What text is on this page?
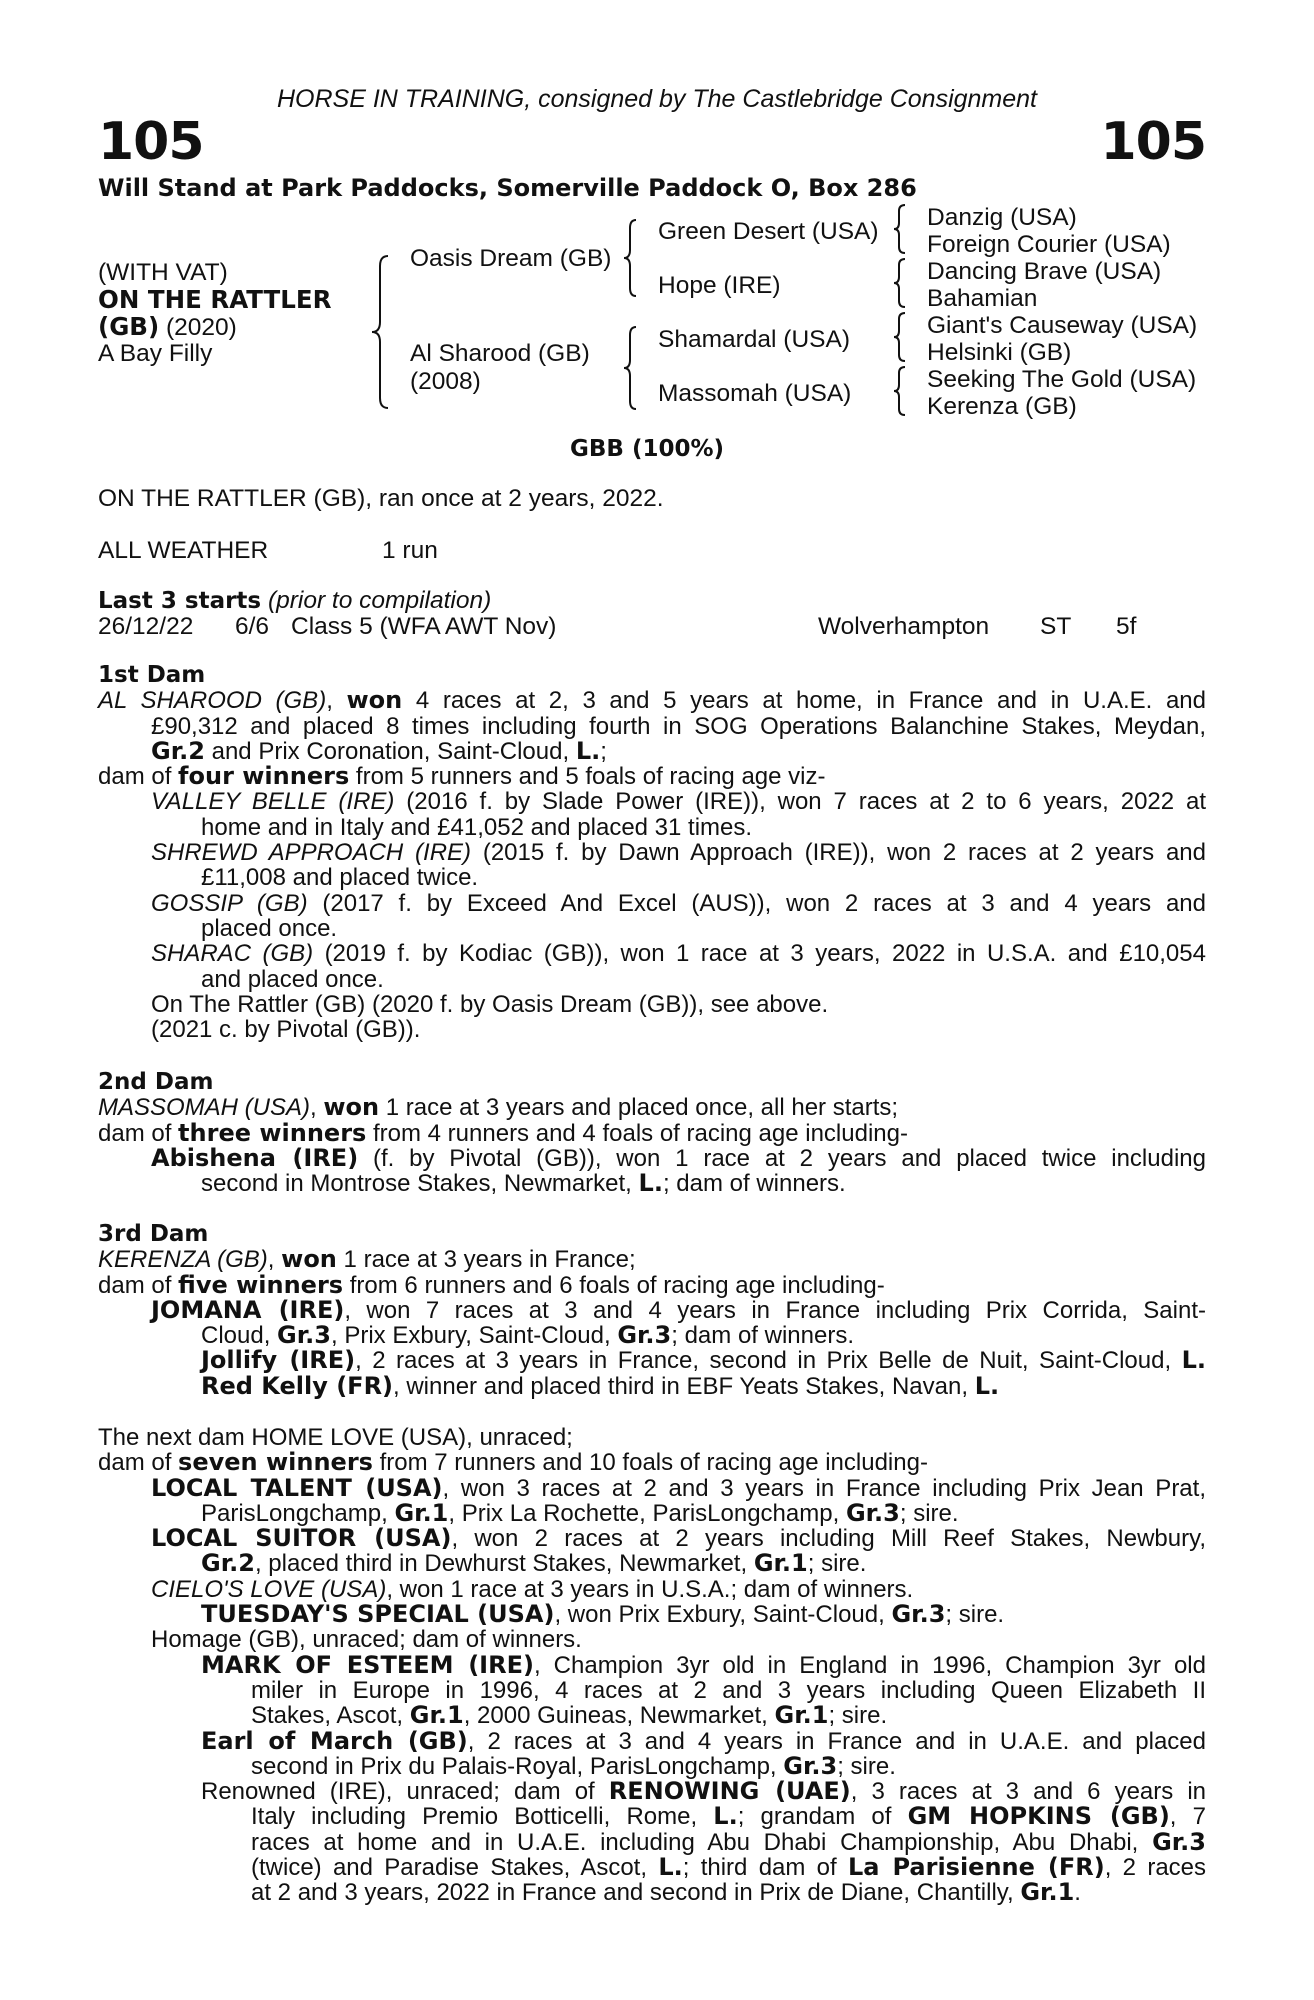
HORSE IN TRAINING, consigned by The Castlebridge Consignment
105	105
Will Stand at Park Paddocks, Somerville Paddock O, Box 286
(WITH VAT)
ON THE RATTLER
(GB) (2020)
A Bay Filly
Oasis Dream (GB)
Al Sharood (GB)
(2008)
Green Desert (USA)
Hope (IRE)
Shamardal (USA)
Massomah (USA)
Danzig (USA)
Foreign Courier (USA)
Dancing Brave (USA)
Bahamian
Giant's Causeway (USA)
Helsinki (GB)
Seeking The Gold (USA)
Kerenza (GB)
GBB (100%)
ON THE RATTLER (GB), ran once at 2 years, 2022.
ALL WEATHER	1 run
Last 3 starts (prior to compilation)
26/12/22 6/6 Class 5 (WFA AWT Nov)	Wolverhampton ST 5f
1st Dam
AL SHAROOD (GB), won 4 races at 2, 3 and 5 years at home, in France and in U.A.E. and
£90,312 and placed 8 times including fourth in SOG Operations Balanchine Stakes, Meydan,
Gr.2 and Prix Coronation, Saint-Cloud, L.;
dam of four winners from 5 runners and 5 foals of racing age viz-
VALLEY BELLE (IRE) (2016 f. by Slade Power (IRE)), won 7 races at 2 to 6 years, 2022 at
home and in Italy and £41,052 and placed 31 times.
SHREWD APPROACH (IRE) (2015 f. by Dawn Approach (IRE)), won 2 races at 2 years and
£11,008 and placed twice.
GOSSIP (GB) (2017 f. by Exceed And Excel (AUS)), won 2 races at 3 and 4 years and
placed once.
SHARAC (GB) (2019 f. by Kodiac (GB)), won 1 race at 3 years, 2022 in U.S.A. and £10,054
and placed once.
On The Rattler (GB) (2020 f. by Oasis Dream (GB)), see above.
(2021 c. by Pivotal (GB)).
2nd Dam
MASSOMAH (USA), won 1 race at 3 years and placed once, all her starts;
dam of three winners from 4 runners and 4 foals of racing age including-
Abishena (IRE) (f. by Pivotal (GB)), won 1 race at 2 years and placed twice including
second in Montrose Stakes, Newmarket, L.; dam of winners.
3rd Dam
KERENZA (GB), won 1 race at 3 years in France;
dam of five winners from 6 runners and 6 foals of racing age including-
JOMANA (IRE), won 7 races at 3 and 4 years in France including Prix Corrida, Saint-
Cloud, Gr.3, Prix Exbury, Saint-Cloud, Gr.3; dam of winners.
Jollify (IRE), 2 races at 3 years in France, second in Prix Belle de Nuit, Saint-Cloud, L.
Red Kelly (FR), winner and placed third in EBF Yeats Stakes, Navan, L.
The next dam HOME LOVE (USA), unraced;
dam of seven winners from 7 runners and 10 foals of racing age including-
LOCAL TALENT (USA), won 3 races at 2 and 3 years in France including Prix Jean Prat,
ParisLongchamp, Gr.1, Prix La Rochette, ParisLongchamp, Gr.3; sire.
LOCAL SUITOR (USA), won 2 races at 2 years including Mill Reef Stakes, Newbury,
Gr.2, placed third in Dewhurst Stakes, Newmarket, Gr.1; sire.
CIELO'S LOVE (USA), won 1 race at 3 years in U.S.A.; dam of winners.
TUESDAY'S SPECIAL (USA), won Prix Exbury, Saint-Cloud, Gr.3; sire.
Homage (GB), unraced; dam of winners.
MARK OF ESTEEM (IRE), Champion 3yr old in England in 1996, Champion 3yr old
miler in Europe in 1996, 4 races at 2 and 3 years including Queen Elizabeth II
Stakes, Ascot, Gr.1, 2000 Guineas, Newmarket, Gr.1; sire.
Earl of March (GB), 2 races at 3 and 4 years in France and in U.A.E. and placed
second in Prix du Palais-Royal, ParisLongchamp, Gr.3; sire.
Renowned (IRE), unraced; dam of RENOWING (UAE), 3 races at 3 and 6 years in
Italy including Premio Botticelli, Rome, L.; grandam of GM HOPKINS (GB), 7
races at home and in U.A.E. including Abu Dhabi Championship, Abu Dhabi, Gr.3
(twice) and Paradise Stakes, Ascot, L.; third dam of La Parisienne (FR), 2 races
at 2 and 3 years, 2022 in France and second in Prix de Diane, Chantilly, Gr.1.
